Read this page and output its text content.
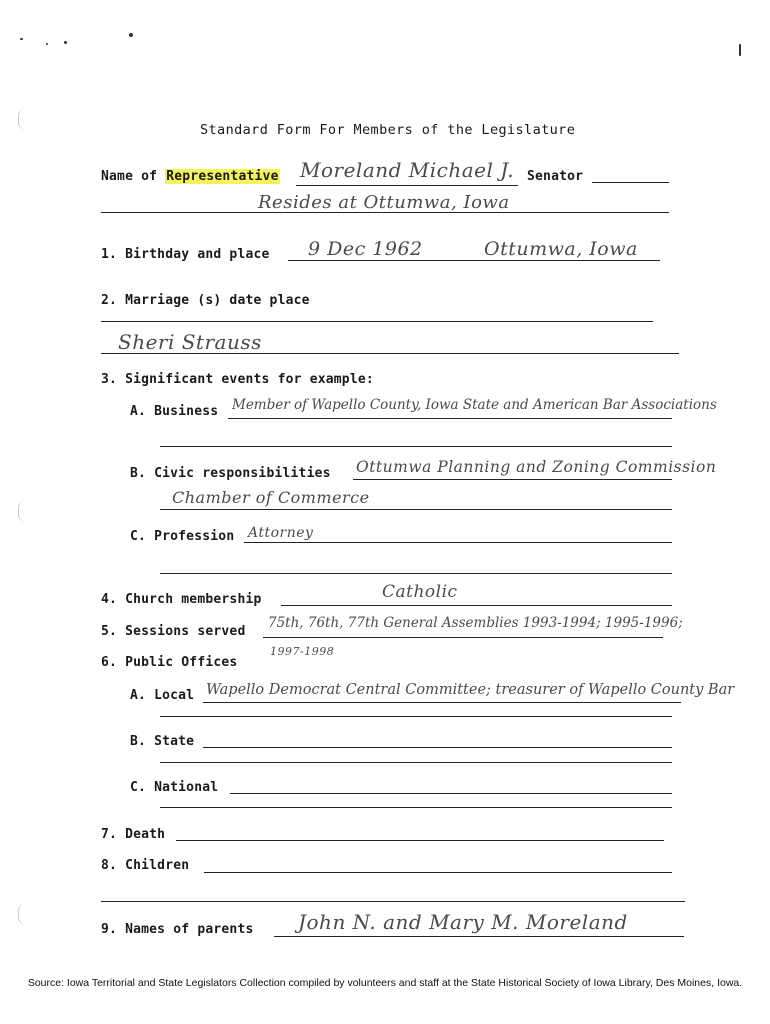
Standard Form For Members of the Legislature
Name of Representative Moreland Michael J. Senator
Resides at Ottumwa, Iowa
1. Birthday and place 9 Dec 1962	Ottumwa, Iowa
2. Marriage (s) date place
Sheri Strauss
3. Significant events for example:
A. Business Member of Wapello County, Iowa State and American Bar Associations
B. Civic responsibilities Ottumwa Planning and Zoning Commission
Chamber of Commerce
C. Profession Attorney
4. Church membership	Catholic
5. Sessions served
75th, 76th, 77th General Assemblies 1993-1994; 1995-1996;
1997-1998
6. Public Offices
A. Local Wapello Democrat Central Committee; treasurer of Wapello County Bar
B. State
C. National
7. Death
8. Children
9. Names of parents John N. and Mary M. Moreland
Source: Iowa Territorial and State Legislators Collection compiled by volunteers and staff at the State Historical Society of Iowa Library, Des Moines, Iowa.
